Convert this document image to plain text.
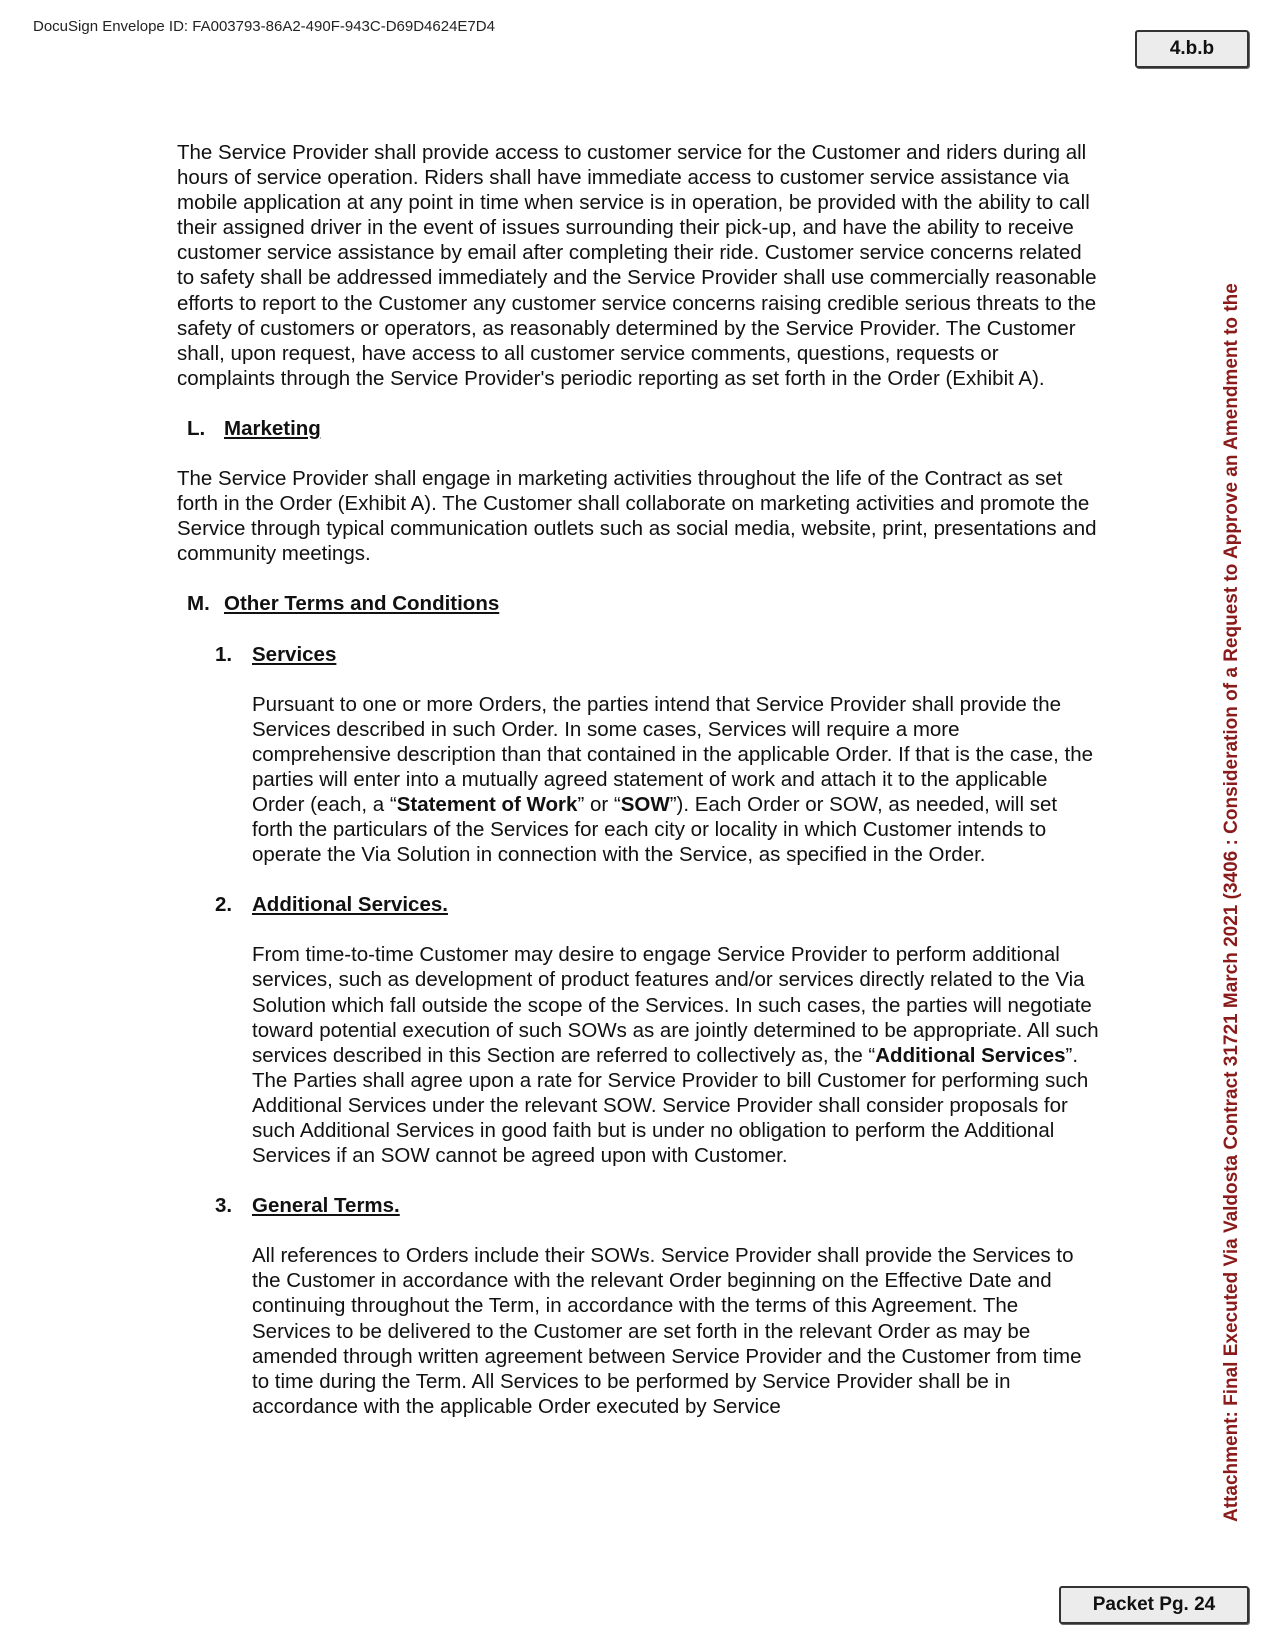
DocuSign Envelope ID: FA003793-86A2-490F-943C-D69D4624E7D4
4.b.b
Attachment: Final Executed Via Valdosta Contract 31721 March 2021 (3406 : Consideration of a Request to Approve an Amendment to the

The Service Provider shall provide access to customer service for the Customer and riders during all hours of service operation. Riders shall have immediate access to customer service assistance via mobile application at any point in time when service is in operation, be provided with the ability to call their assigned driver in the event of issues surrounding their pick-up, and have the ability to receive customer service assistance by email after completing their ride. Customer service concerns related to safety shall be addressed immediately and the Service Provider shall use commercially reasonable efforts to report to the Customer any customer service concerns raising credible serious threats to the safety of customers or operators, as reasonably determined by the Service Provider. The Customer shall, upon request, have access to all customer service comments, questions, requests or complaints through the Service Provider's periodic reporting as set forth in the Order (Exhibit A).

L. Marketing

The Service Provider shall engage in marketing activities throughout the life of the Contract as set forth in the Order (Exhibit A). The Customer shall collaborate on marketing activities and promote the Service through typical communication outlets such as social media, website, print, presentations and community meetings.

M. Other Terms and Conditions
1. Services

Pursuant to one or more Orders, the parties intend that Service Provider shall provide the Services described in such Order. In some cases, Services will require a more comprehensive description than that contained in the applicable Order. If that is the case, the parties will enter into a mutually agreed statement of work and attach it to the applicable Order (each, a “Statement of Work” or “SOW”). Each Order or SOW, as needed, will set forth the particulars of the Services for each city or locality in which Customer intends to operate the Via Solution in connection with the Service, as specified in the Order.

2. Additional Services.

From time-to-time Customer may desire to engage Service Provider to perform additional services, such as development of product features and/or services directly related to the Via Solution which fall outside the scope of the Services. In such cases, the parties will negotiate toward potential execution of such SOWs as are jointly determined to be appropriate. All such services described in this Section are referred to collectively as, the “Additional Services”. The Parties shall agree upon a rate for Service Provider to bill Customer for performing such Additional Services under the relevant SOW. Service Provider shall consider proposals for such Additional Services in good faith but is under no obligation to perform the Additional Services if an SOW cannot be agreed upon with Customer.

3. General Terms.

All references to Orders include their SOWs. Service Provider shall provide the Services to the Customer in accordance with the relevant Order beginning on the Effective Date and continuing throughout the Term, in accordance with the terms of this Agreement. The Services to be delivered to the Customer are set forth in the relevant Order as may be amended through written agreement between Service Provider and the Customer from time to time during the Term. All Services to be performed by Service Provider shall be in accordance with the applicable Order executed by Service

Packet Pg. 24
